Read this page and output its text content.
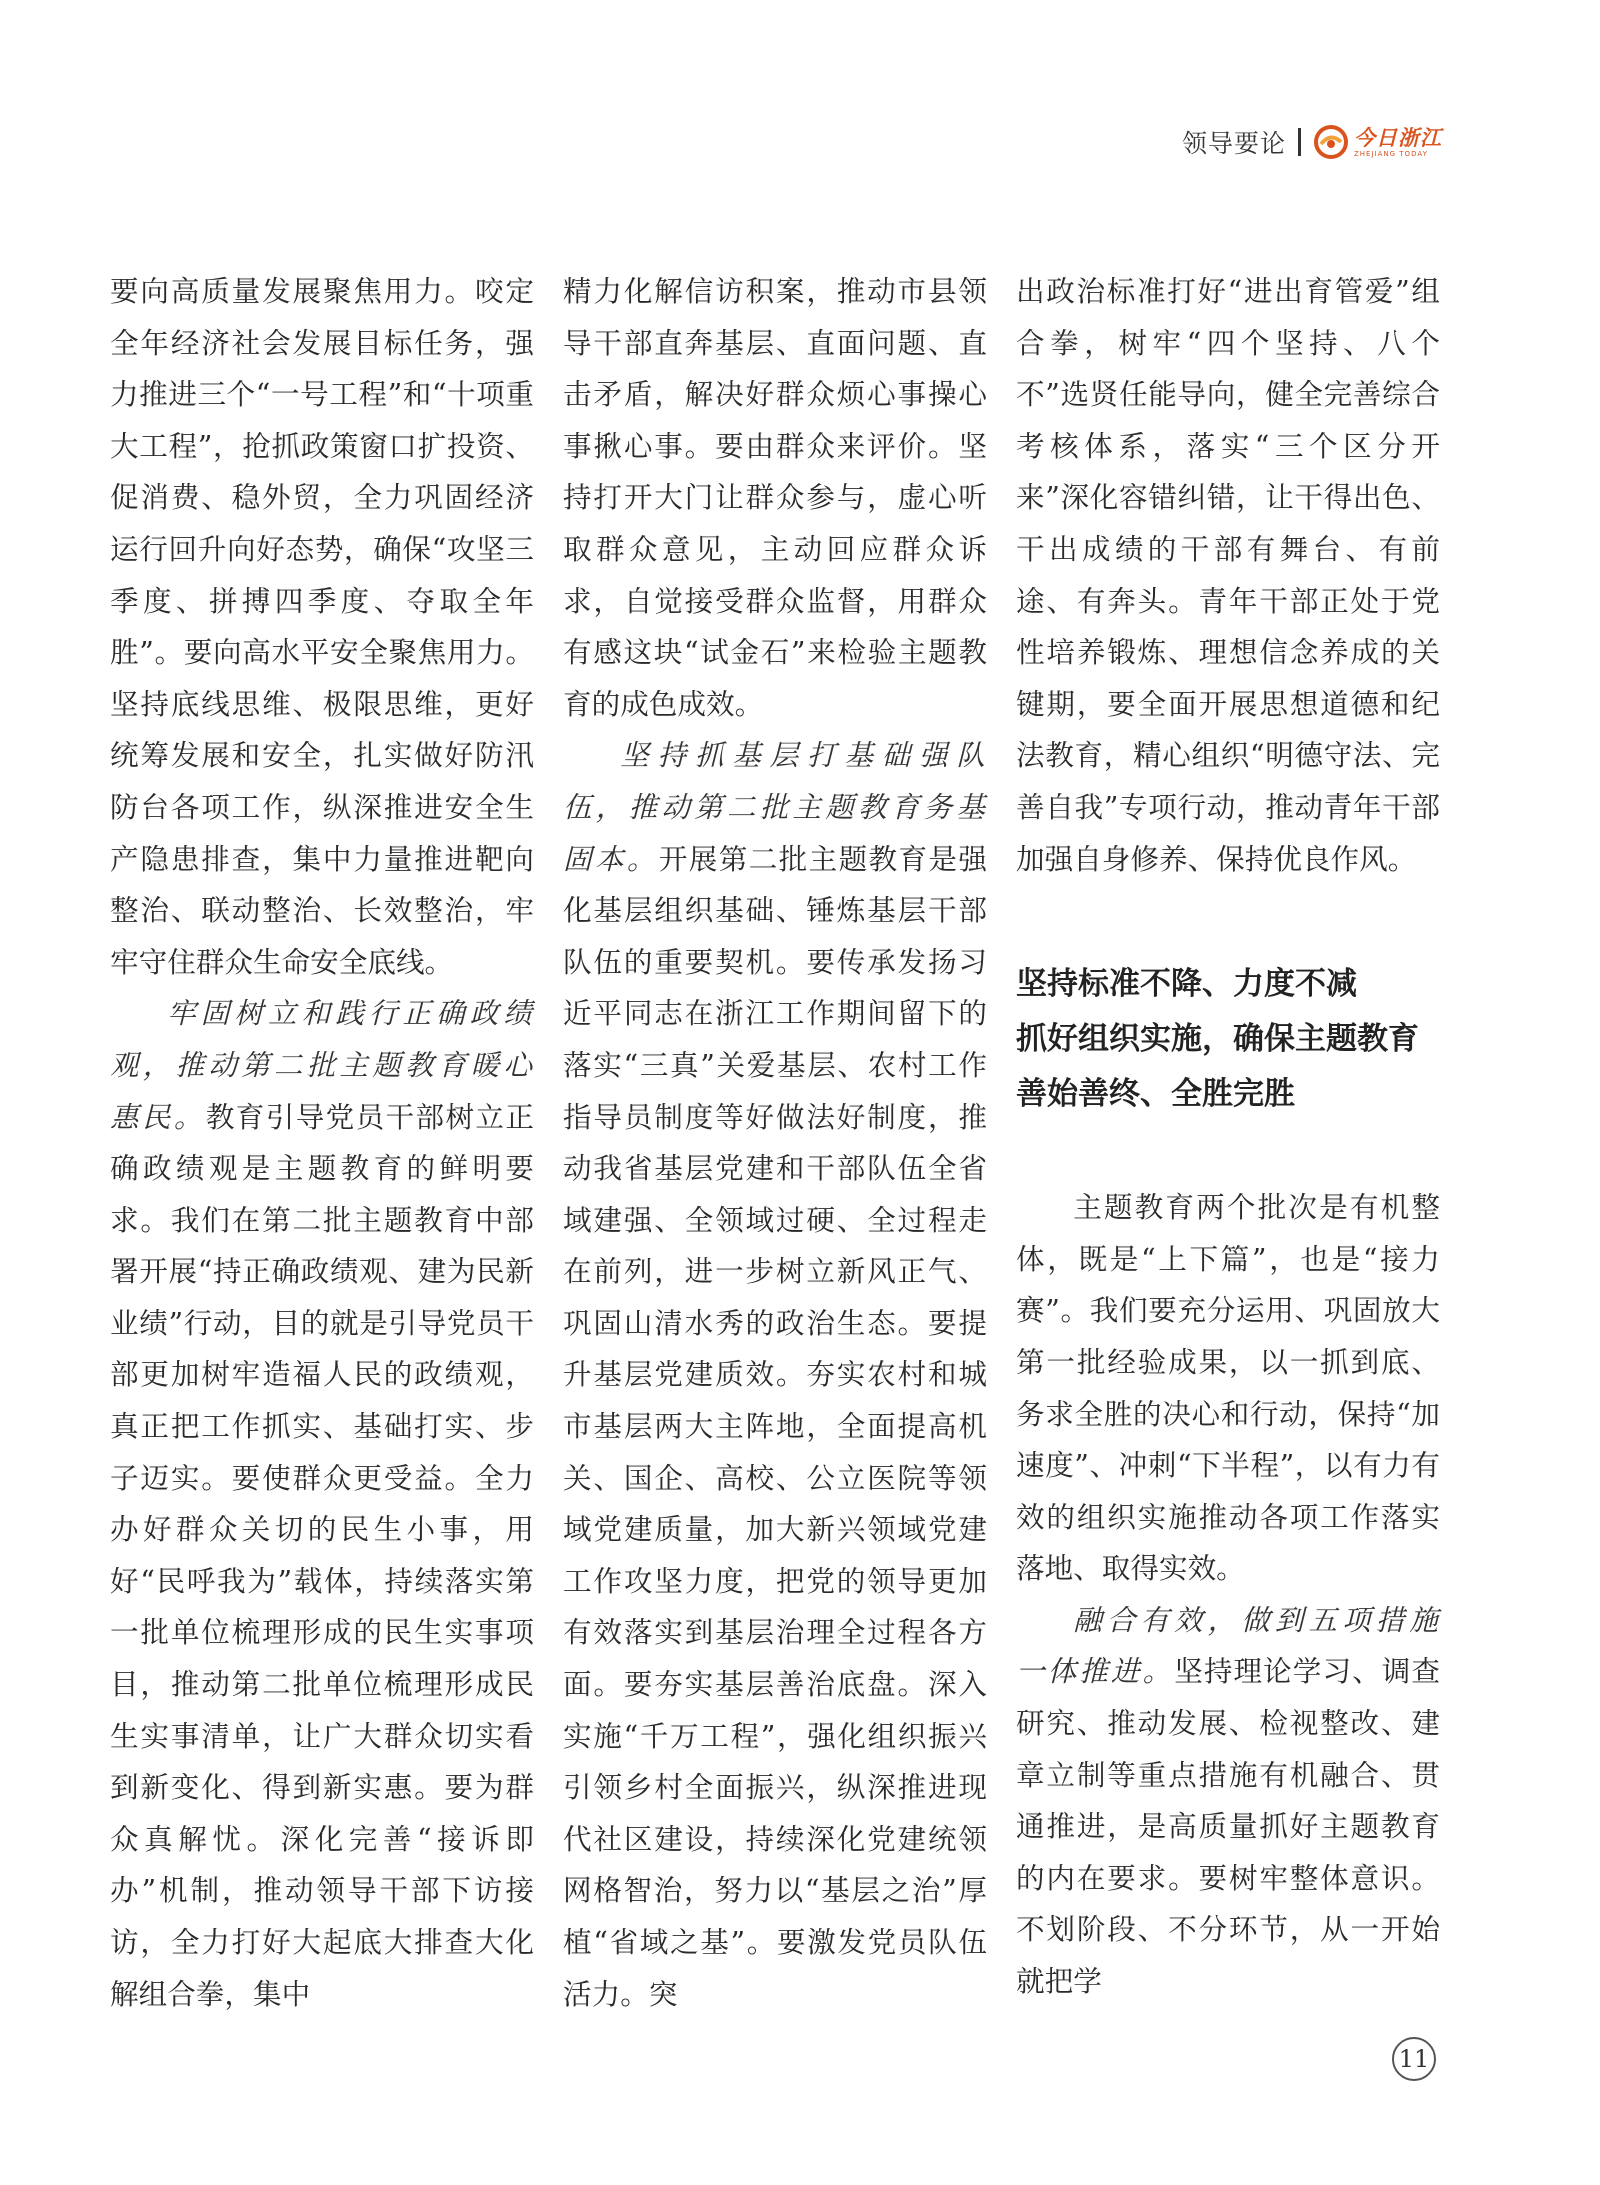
领导要论	今日浙江
ZHEJIANG TODAY

要向高质量发展聚焦用力。咬定全年经济社会发展目标任务，强力推进三个“一号工程”和“十项重大工程”，抢抓政策窗口扩投资、促消费、稳外贸，全力巩固经济运行回升向好态势，确保“攻坚三季度、拼搏四季度、夺取全年胜”。要向高水平安全聚焦用力。坚持底线思维、极限思维，更好统筹发展和安全，扎实做好防汛防台各项工作，纵深推进安全生产隐患排查，集中力量推进靶向整治、联动整治、长效整治，牢牢守住群众生命安全底线。

牢固树立和践行正确政绩观，推动第二批主题教育暖心惠民。教育引导党员干部树立正确政绩观是主题教育的鲜明要求。我们在第二批主题教育中部署开展“持正确政绩观、建为民新业绩”行动，目的就是引导党员干部更加树牢造福人民的政绩观，真正把工作抓实、基础打实、步子迈实。要使群众更受益。全力办好群众关切的民生小事，用好“民呼我为”载体，持续落实第一批单位梳理形成的民生实事项目，推动第二批单位梳理形成民生实事清单，让广大群众切实看到新变化、得到新实惠。要为群众真解忧。深化完善“接诉即办”机制，推动领导干部下访接访，全力打好大起底大排查大化解组合拳，集中

精力化解信访积案，推动市县领导干部直奔基层、直面问题、直击矛盾，解决好群众烦心事操心事揪心事。要由群众来评价。坚持打开大门让群众参与，虚心听取群众意见，主动回应群众诉求，自觉接受群众监督，用群众有感这块“试金石”来检验主题教育的成色成效。

坚持抓基层打基础强队伍，推动第二批主题教育务基固本。开展第二批主题教育是强化基层组织基础、锤炼基层干部队伍的重要契机。要传承发扬习近平同志在浙江工作期间留下的落实“三真”关爱基层、农村工作指导员制度等好做法好制度，推动我省基层党建和干部队伍全省域建强、全领域过硬、全过程走在前列，进一步树立新风正气、巩固山清水秀的政治生态。要提升基层党建质效。夯实农村和城市基层两大主阵地，全面提高机关、国企、高校、公立医院等领域党建质量，加大新兴领域党建工作攻坚力度，把党的领导更加有效落实到基层治理全过程各方面。要夯实基层善治底盘。深入实施“千万工程”，强化组织振兴引领乡村全面振兴，纵深推进现代社区建设，持续深化党建统领网格智治，努力以“基层之治”厚植“省域之基”。要激发党员队伍活力。突

出政治标准打好“进出育管爱”组合拳，树牢“四个坚持、八个不”选贤任能导向，健全完善综合考核体系，落实“三个区分开来”深化容错纠错，让干得出色、干出成绩的干部有舞台、有前途、有奔头。青年干部正处于党性培养锻炼、理想信念养成的关键期，要全面开展思想道德和纪法教育，精心组织“明德守法、完善自我”专项行动，推动青年干部加强自身修养、保持优良作风。

坚持标准不降、力度不减
抓好组织实施，确保主题教育
善始善终、全胜完胜

主题教育两个批次是有机整体，既是“上下篇”，也是“接力赛”。我们要充分运用、巩固放大第一批经验成果，以一抓到底、务求全胜的决心和行动，保持“加速度”、冲刺“下半程”，以有力有效的组织实施推动各项工作落实落地、取得实效。

融合有效，做到五项措施一体推进。坚持理论学习、调查研究、推动发展、检视整改、建章立制等重点措施有机融合、贯通推进，是高质量抓好主题教育的内在要求。要树牢整体意识。不划阶段、不分环节，从一开始就把学

11
